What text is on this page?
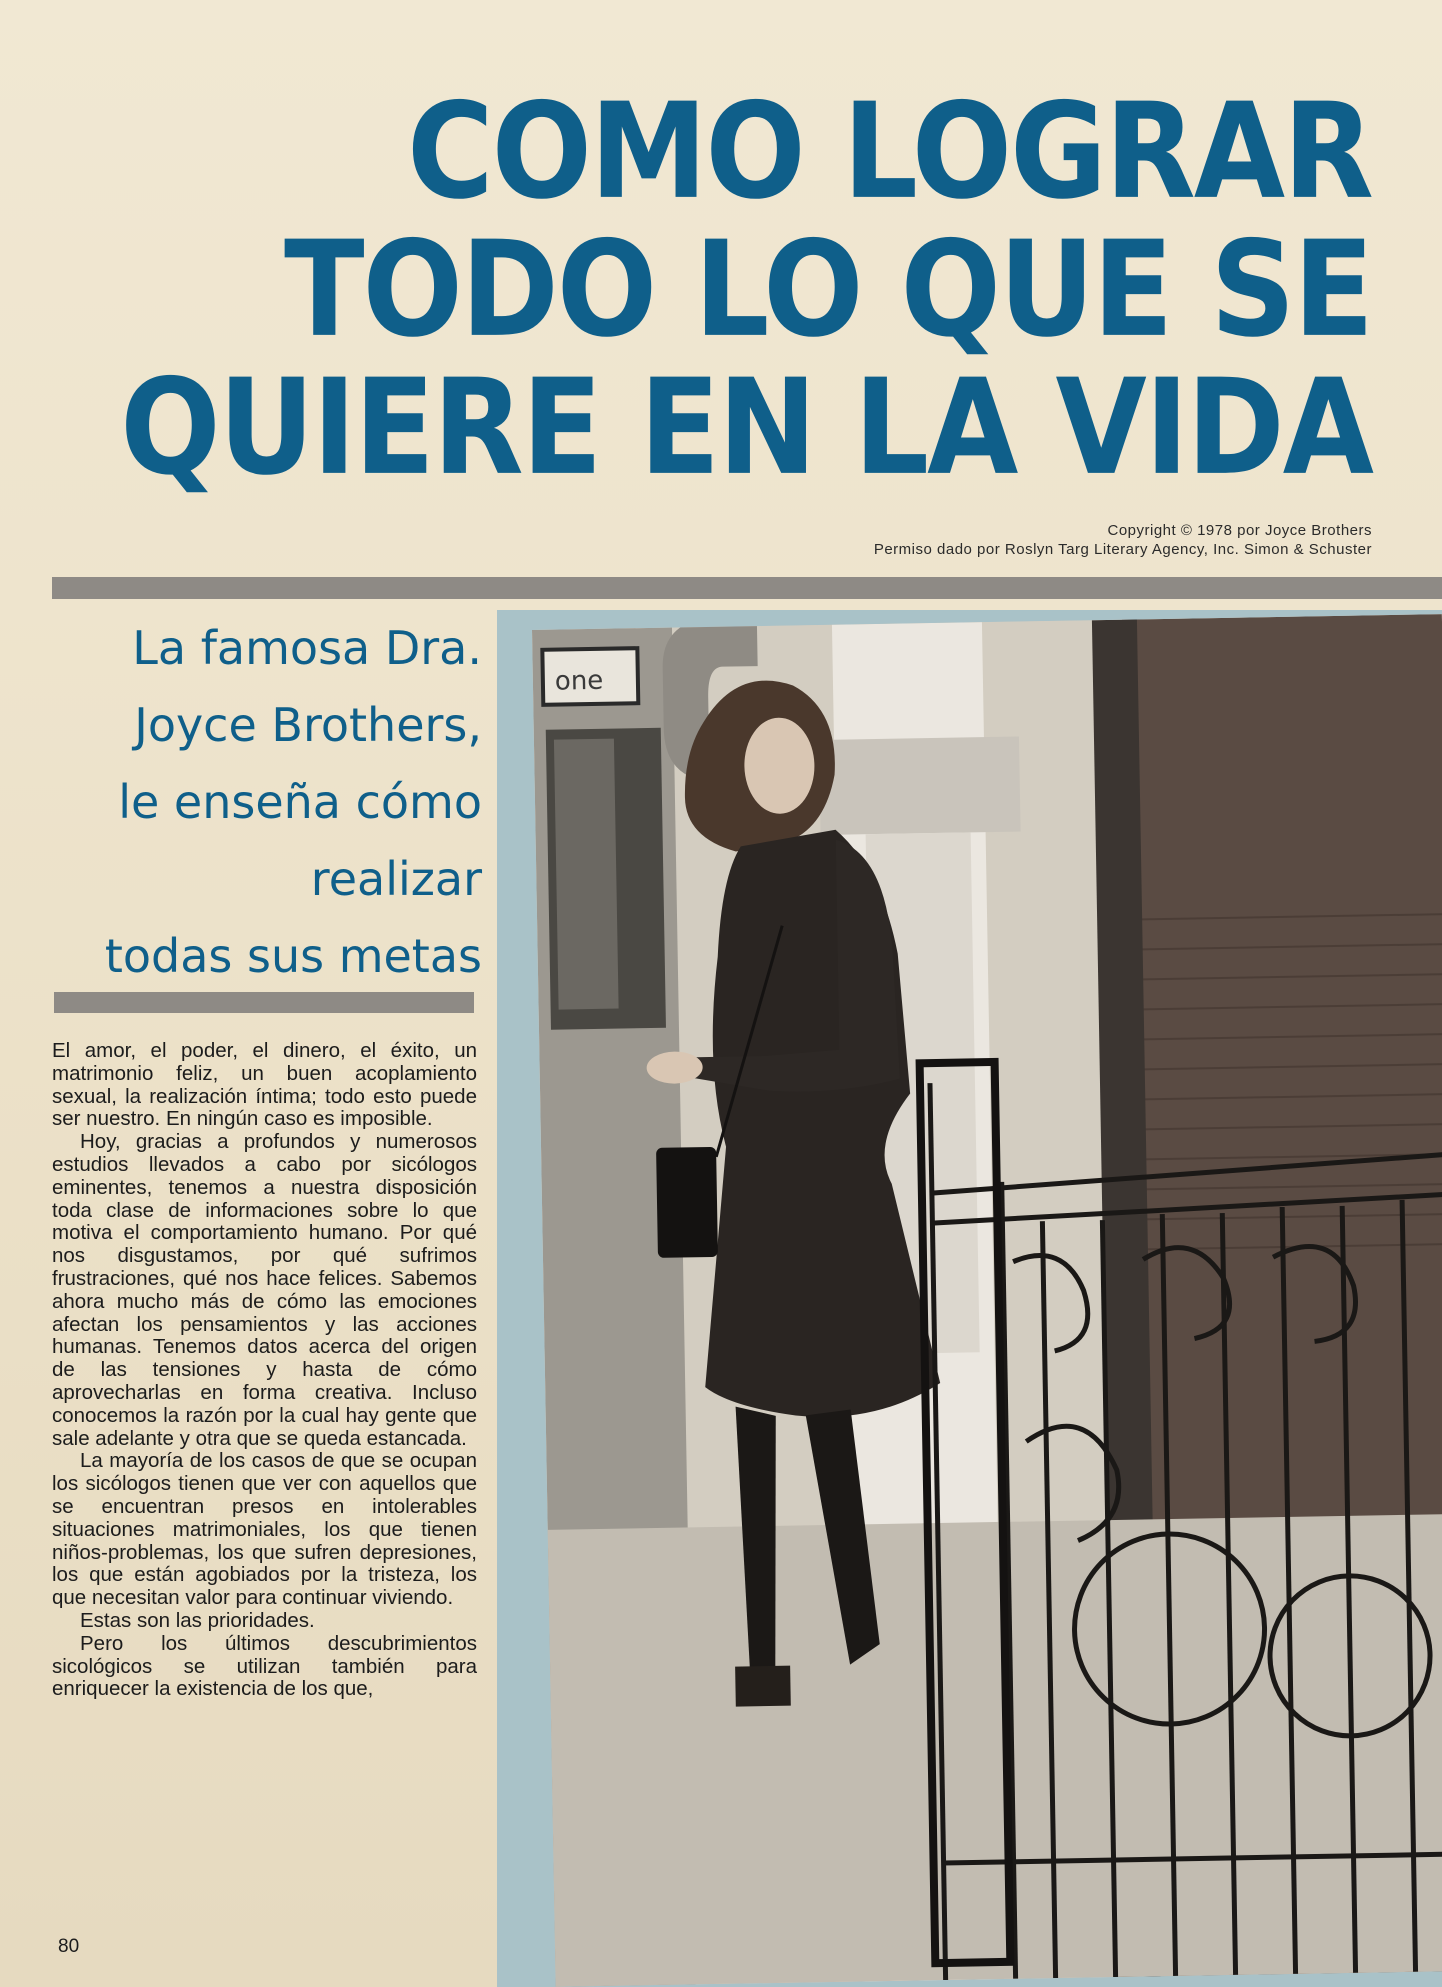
COMO LOGRAR
TODO LO QUE SE
QUIERE EN LA VIDA
Copyright © 1978 por Joyce Brothers
Permiso dado por Roslyn Targ Literary Agency, Inc. Simon & Schuster
one
La famosa Dra.
Joyce Brothers,
le enseña cómo
realizar
todas sus metas

El amor, el poder, el dinero, el éxito, un matrimonio feliz, un buen acoplamiento sexual, la realización íntima; todo esto puede ser nuestro. En ningún caso es imposible.

Hoy, gracias a profundos y numerosos estudios llevados a cabo por sicólogos eminentes, tenemos a nuestra disposición toda clase de informaciones sobre lo que motiva el comportamiento humano. Por qué nos disgustamos, por qué sufrimos frustraciones, qué nos hace felices. Sabemos ahora mucho más de cómo las emociones afectan los pensamientos y las acciones humanas. Tenemos datos acerca del origen de las tensiones y hasta de cómo aprovecharlas en forma creativa. Incluso conocemos la razón por la cual hay gente que sale adelante y otra que se queda estancada.

La mayoría de los casos de que se ocupan los sicólogos tienen que ver con aquellos que se encuentran presos en intolerables situaciones matrimoniales, los que tienen niños-problemas, los que sufren depresiones, los que están agobiados por la tristeza, los que necesitan valor para continuar viviendo.

Estas son las prioridades.

Pero los últimos descubrimientos sicológicos se utilizan también para enriquecer la existencia de los que,

80
